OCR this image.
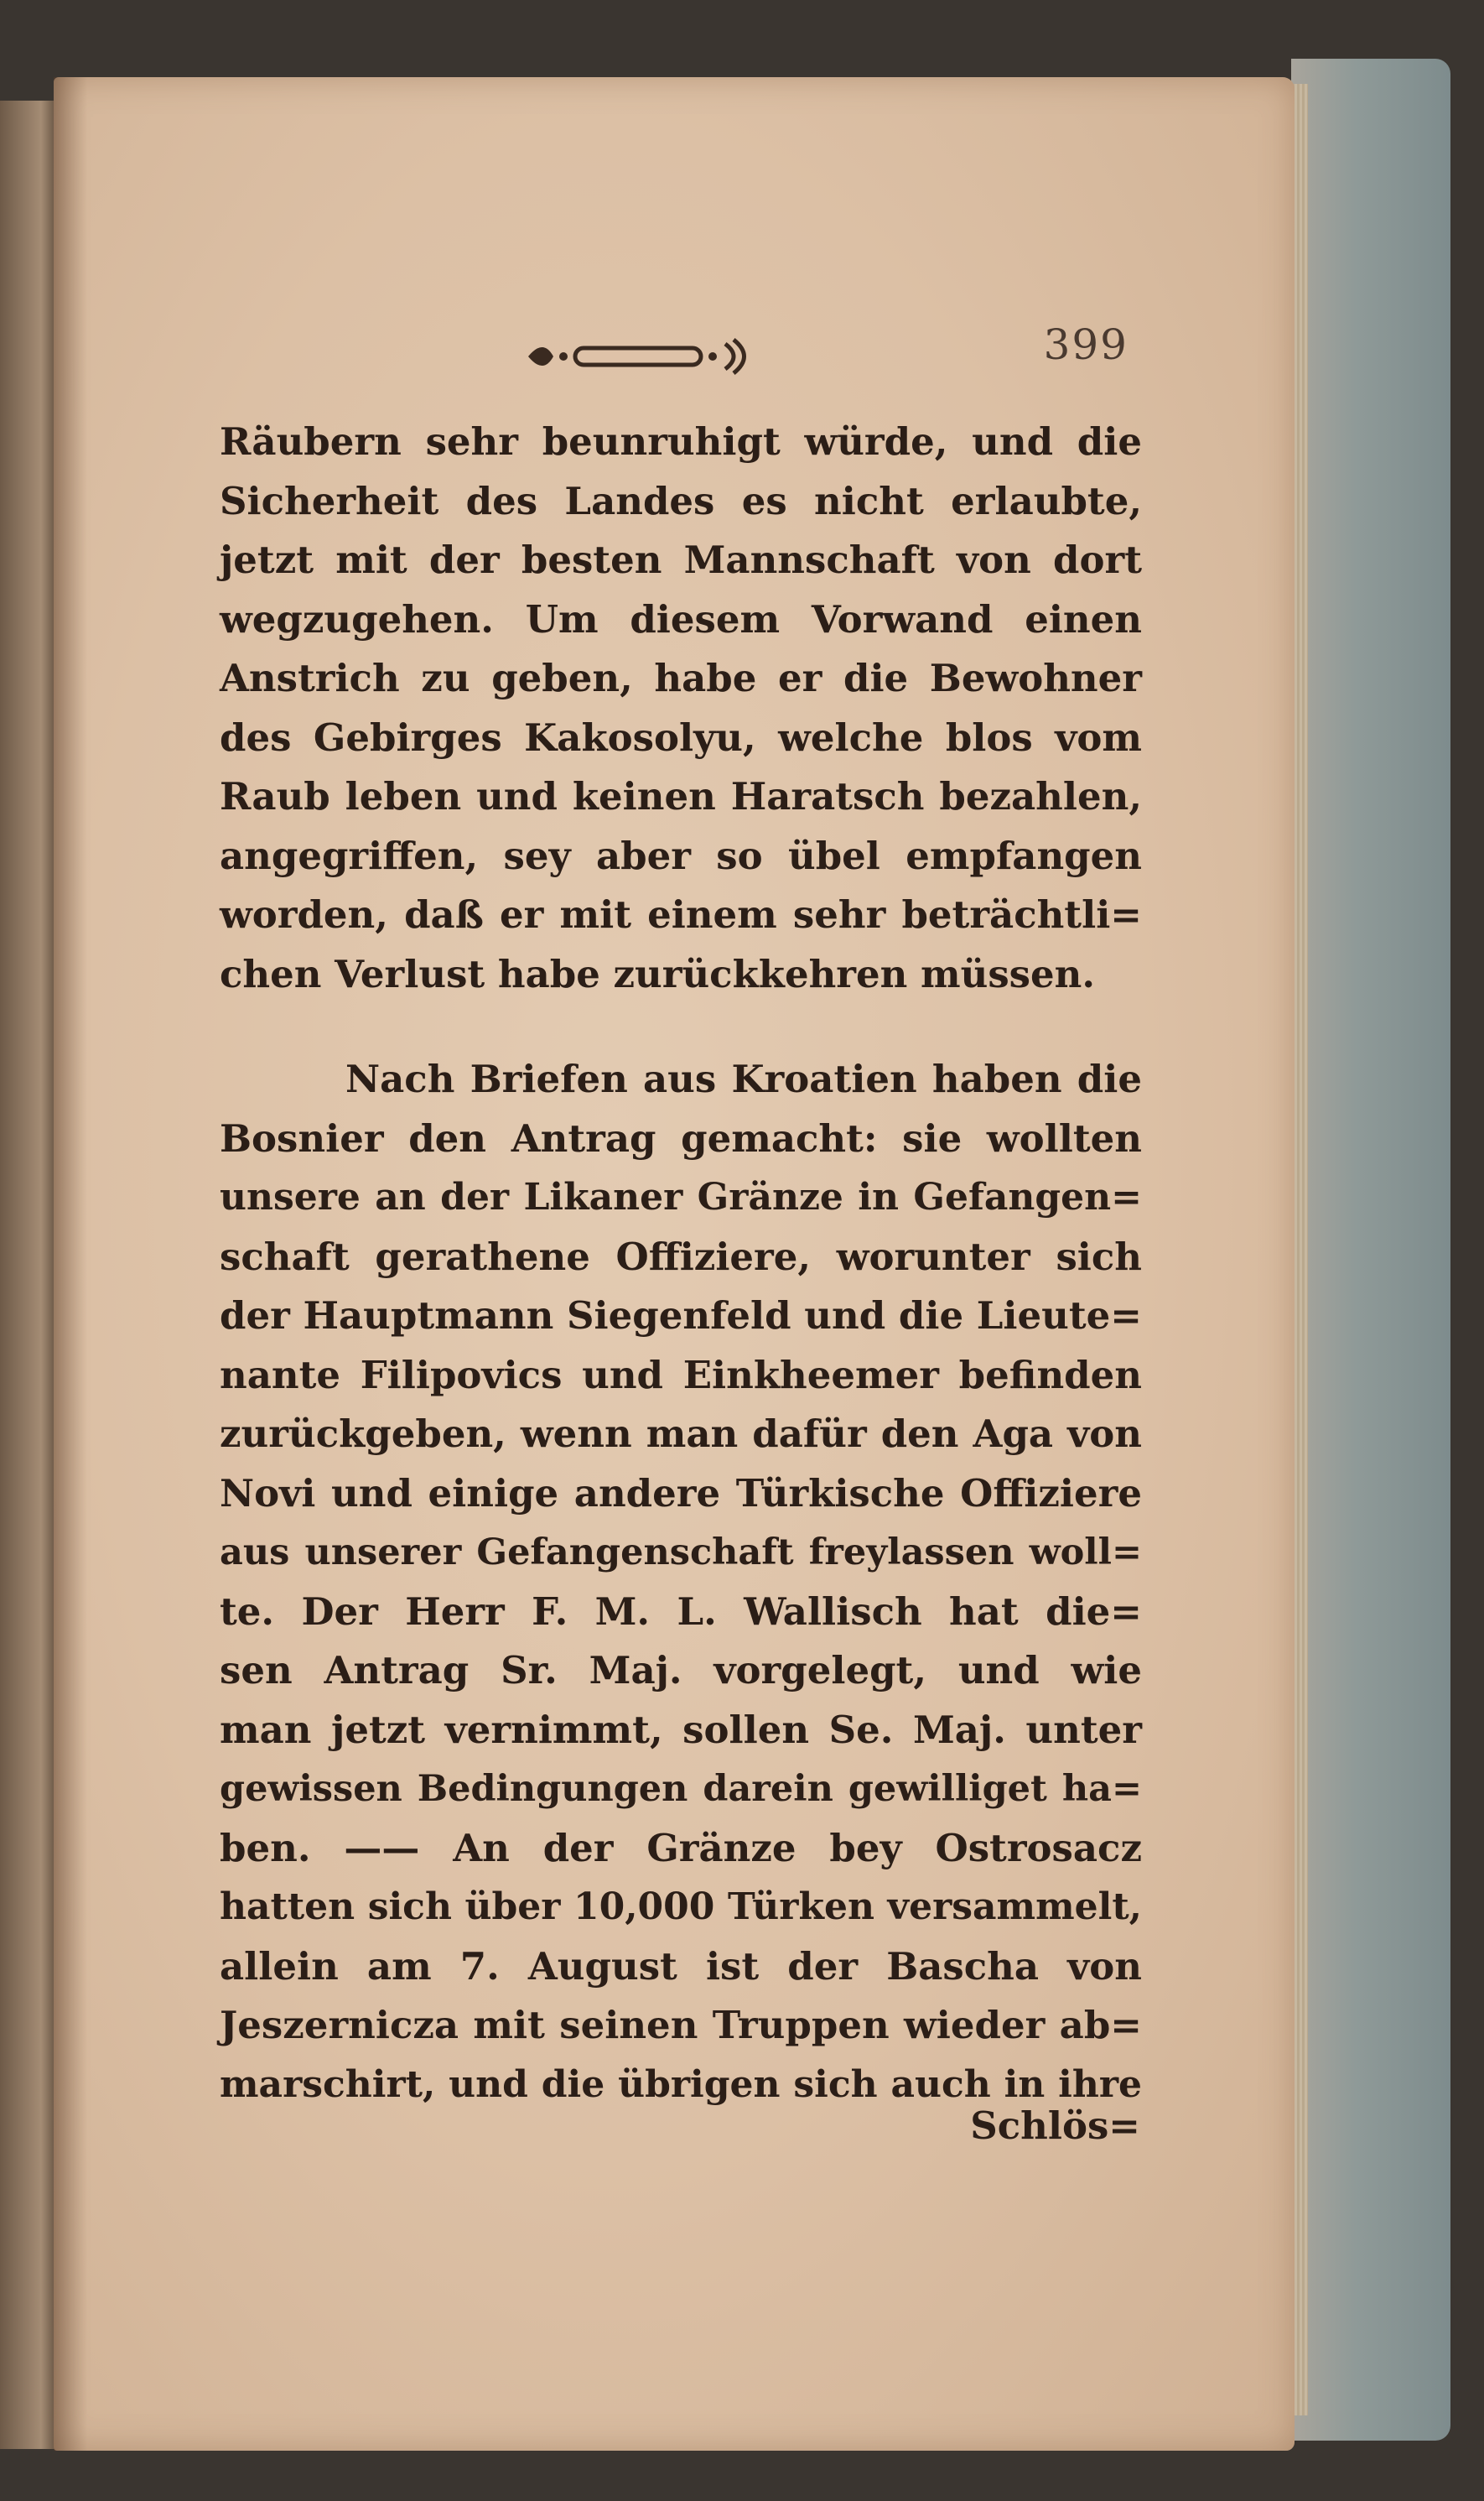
399
Räubern sehr beunruhigt würde, und die
Sicherheit des Landes es nicht erlaubte,
jetzt mit der besten Mannschaft von dort
wegzugehen. Um diesem Vorwand einen
Anstrich zu geben, habe er die Bewohner
des Gebirges Kakosolyu, welche blos vom
Raub leben und keinen Haratsch bezahlen,
angegriffen, sey aber so übel empfangen
worden, daß er mit einem sehr beträchtli=
chen Verlust habe zurückkehren müssen.
Nach Briefen aus Kroatien haben die
Bosnier den Antrag gemacht: sie wollten
unsere an der Likaner Gränze in Gefangen=
schaft gerathene Offiziere, worunter sich
der Hauptmann Siegenfeld und die Lieute=
nante Filipovics und Einkheemer befinden
zurückgeben, wenn man dafür den Aga von
Novi und einige andere Türkische Offiziere
aus unserer Gefangenschaft freylassen woll=
te. Der Herr F. M. L. Wallisch hat die=
sen Antrag Sr. Maj. vorgelegt, und wie
man jetzt vernimmt, sollen Se. Maj. unter
gewissen Bedingungen darein gewilliget ha=
ben. —— An der Gränze bey Ostrosacz
hatten sich über 10,000 Türken versammelt,
allein am 7. August ist der Bascha von
Jeszernicza mit seinen Truppen wieder ab=
marschirt, und die übrigen sich auch in ihre
Schlös=
